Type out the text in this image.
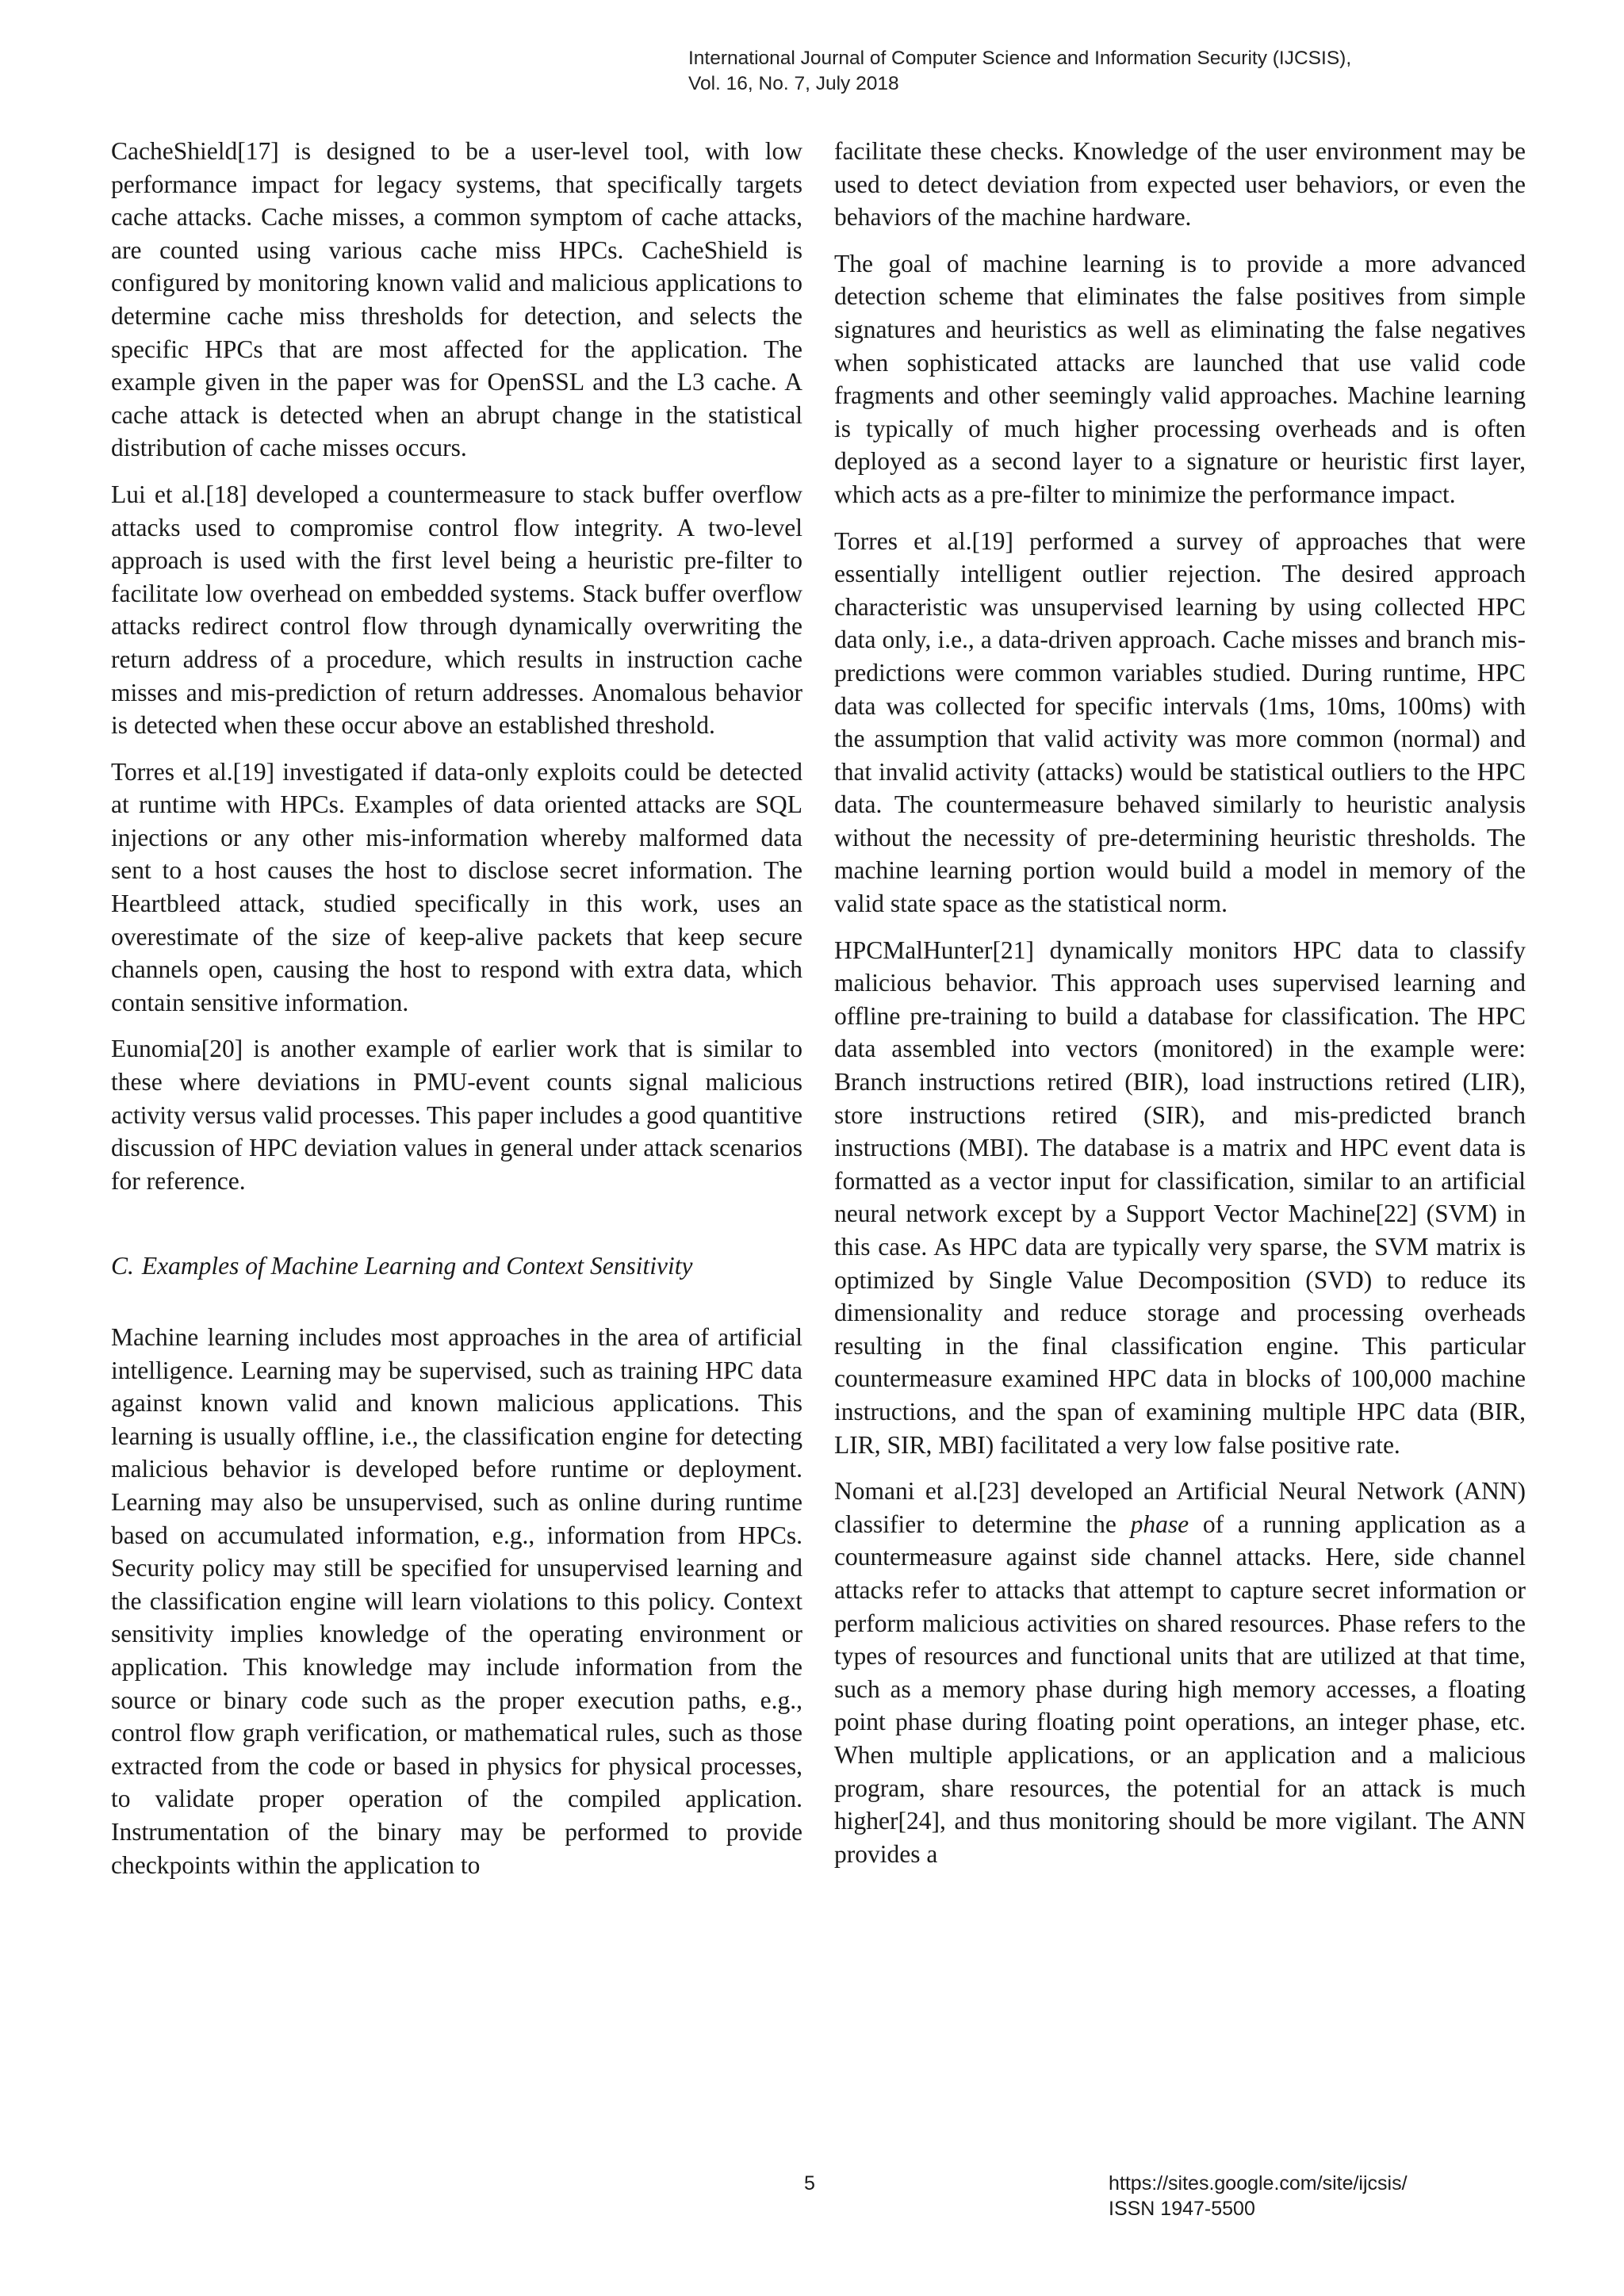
International Journal of Computer Science and Information Security (IJCSIS),
Vol. 16, No. 7, July 2018

CacheShield[17] is designed to be a user-level tool, with low performance impact for legacy systems, that specifically targets cache attacks. Cache misses, a common symptom of cache attacks, are counted using various cache miss HPCs. CacheShield is configured by monitoring known valid and malicious applications to determine cache miss thresholds for detection, and selects the specific HPCs that are most affected for the application. The example given in the paper was for OpenSSL and the L3 cache. A cache attack is detected when an abrupt change in the statistical distribution of cache misses occurs.

Lui et al.[18] developed a countermeasure to stack buffer overflow attacks used to compromise control flow integrity. A two-level approach is used with the first level being a heuristic pre-filter to facilitate low overhead on embedded systems. Stack buffer overflow attacks redirect control flow through dynamically overwriting the return address of a procedure, which results in instruction cache misses and mis-prediction of return addresses. Anomalous behavior is detected when these occur above an established threshold.

Torres et al.[19] investigated if data-only exploits could be detected at runtime with HPCs. Examples of data oriented attacks are SQL injections or any other mis-information whereby malformed data sent to a host causes the host to disclose secret information. The Heartbleed attack, studied specifically in this work, uses an overestimate of the size of keep-alive packets that keep secure channels open, causing the host to respond with extra data, which contain sensitive information.

Eunomia[20] is another example of earlier work that is similar to these where deviations in PMU-event counts signal malicious activity versus valid processes. This paper includes a good quantitive discussion of HPC deviation values in general under attack scenarios for reference.

C. Examples of Machine Learning and Context Sensitivity

Machine learning includes most approaches in the area of artificial intelligence. Learning may be supervised, such as training HPC data against known valid and known malicious applications. This learning is usually offline, i.e., the classification engine for detecting malicious behavior is developed before runtime or deployment. Learning may also be unsupervised, such as online during runtime based on accumulated information, e.g., information from HPCs. Security policy may still be specified for unsupervised learning and the classification engine will learn violations to this policy. Context sensitivity implies knowledge of the operating environment or application. This knowledge may include information from the source or binary code such as the proper execution paths, e.g., control flow graph verification, or mathematical rules, such as those extracted from the code or based in physics for physical processes, to validate proper operation of the compiled application. Instrumentation of the binary may be performed to provide checkpoints within the application to

facilitate these checks. Knowledge of the user environment may be used to detect deviation from expected user behaviors, or even the behaviors of the machine hardware.

The goal of machine learning is to provide a more advanced detection scheme that eliminates the false positives from simple signatures and heuristics as well as eliminating the false negatives when sophisticated attacks are launched that use valid code fragments and other seemingly valid approaches. Machine learning is typically of much higher processing overheads and is often deployed as a second layer to a signature or heuristic first layer, which acts as a pre-filter to minimize the performance impact.

Torres et al.[19] performed a survey of approaches that were essentially intelligent outlier rejection. The desired approach characteristic was unsupervised learning by using collected HPC data only, i.e., a data-driven approach. Cache misses and branch mis-predictions were common variables studied. During runtime, HPC data was collected for specific intervals (1ms, 10ms, 100ms) with the assumption that valid activity was more common (normal) and that invalid activity (attacks) would be statistical outliers to the HPC data. The countermeasure behaved similarly to heuristic analysis without the necessity of pre-determining heuristic thresholds. The machine learning portion would build a model in memory of the valid state space as the statistical norm.

HPCMalHunter[21] dynamically monitors HPC data to classify malicious behavior. This approach uses supervised learning and offline pre-training to build a database for classification. The HPC data assembled into vectors (monitored) in the example were: Branch instructions retired (BIR), load instructions retired (LIR), store instructions retired (SIR), and mis-predicted branch instructions (MBI). The database is a matrix and HPC event data is formatted as a vector input for classification, similar to an artificial neural network except by a Support Vector Machine[22] (SVM) in this case. As HPC data are typically very sparse, the SVM matrix is optimized by Single Value Decomposition (SVD) to reduce its dimensionality and reduce storage and processing overheads resulting in the final classification engine. This particular countermeasure examined HPC data in blocks of 100,000 machine instructions, and the span of examining multiple HPC data (BIR, LIR, SIR, MBI) facilitated a very low false positive rate.

Nomani et al.[23] developed an Artificial Neural Network (ANN) classifier to determine the phase of a running application as a countermeasure against side channel attacks. Here, side channel attacks refer to attacks that attempt to capture secret information or perform malicious activities on shared resources. Phase refers to the types of resources and functional units that are utilized at that time, such as a memory phase during high memory accesses, a floating point phase during floating point operations, an integer phase, etc. When multiple applications, or an application and a malicious program, share resources, the potential for an attack is much higher[24], and thus monitoring should be more vigilant. The ANN provides a

5	https://sites.google.com/site/ijcsis/
ISSN 1947-5500
